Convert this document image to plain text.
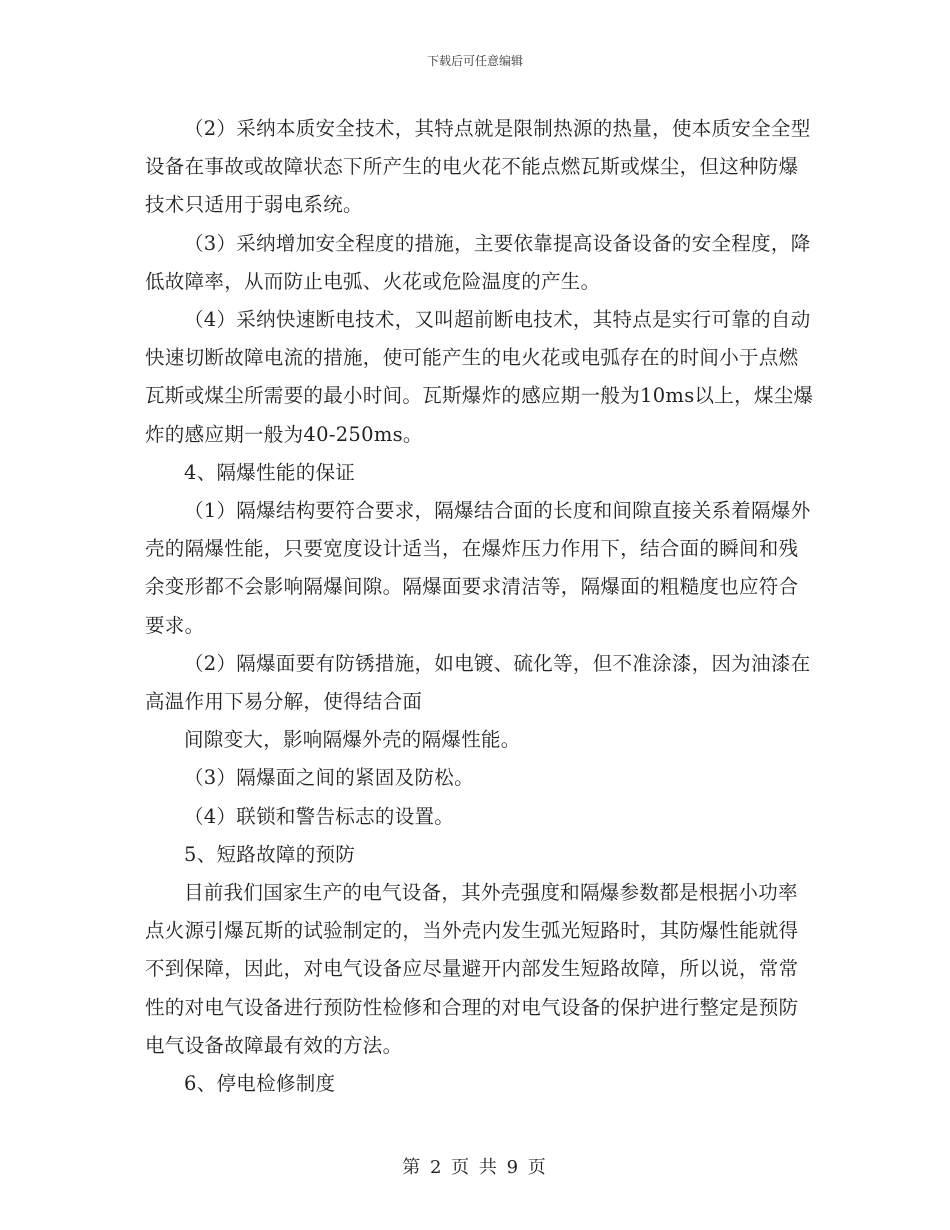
下载后可任意编辑

（2）采纳本质安全技术，其特点就是限制热源的热量，使本质安全全型设备在事故或故障状态下所产生的电火花不能点燃瓦斯或煤尘，但这种防爆技术只适用于弱电系统。

（3）采纳增加安全程度的措施，主要依靠提高设备设备的安全程度，降低故障率，从而防止电弧、火花或危险温度的产生。

（4）采纳快速断电技术，又叫超前断电技术，其特点是实行可靠的自动快速切断故障电流的措施，使可能产生的电火花或电弧存在的时间小于点燃瓦斯或煤尘所需要的最小时间。瓦斯爆炸的感应期一般为10ms以上，煤尘爆炸的感应期一般为40-250ms。

4、隔爆性能的保证

（1）隔爆结构要符合要求，隔爆结合面的长度和间隙直接关系着隔爆外壳的隔爆性能，只要宽度设计适当，在爆炸压力作用下，结合面的瞬间和残余变形都不会影响隔爆间隙。隔爆面要求清洁等，隔爆面的粗糙度也应符合要求。

（2）隔爆面要有防锈措施，如电镀、硫化等，但不准涂漆，因为油漆在高温作用下易分解，使得结合面

间隙变大，影响隔爆外壳的隔爆性能。

（3）隔爆面之间的紧固及防松。

（4）联锁和警告标志的设置。

5、短路故障的预防

目前我们国家生产的电气设备，其外壳强度和隔爆参数都是根据小功率点火源引爆瓦斯的试验制定的，当外壳内发生弧光短路时，其防爆性能就得不到保障，因此，对电气设备应尽量避开内部发生短路故障，所以说，常常性的对电气设备进行预防性检修和合理的对电气设备的保护进行整定是预防电气设备故障最有效的方法。

6、停电检修制度

第 2 页 共 9 页
